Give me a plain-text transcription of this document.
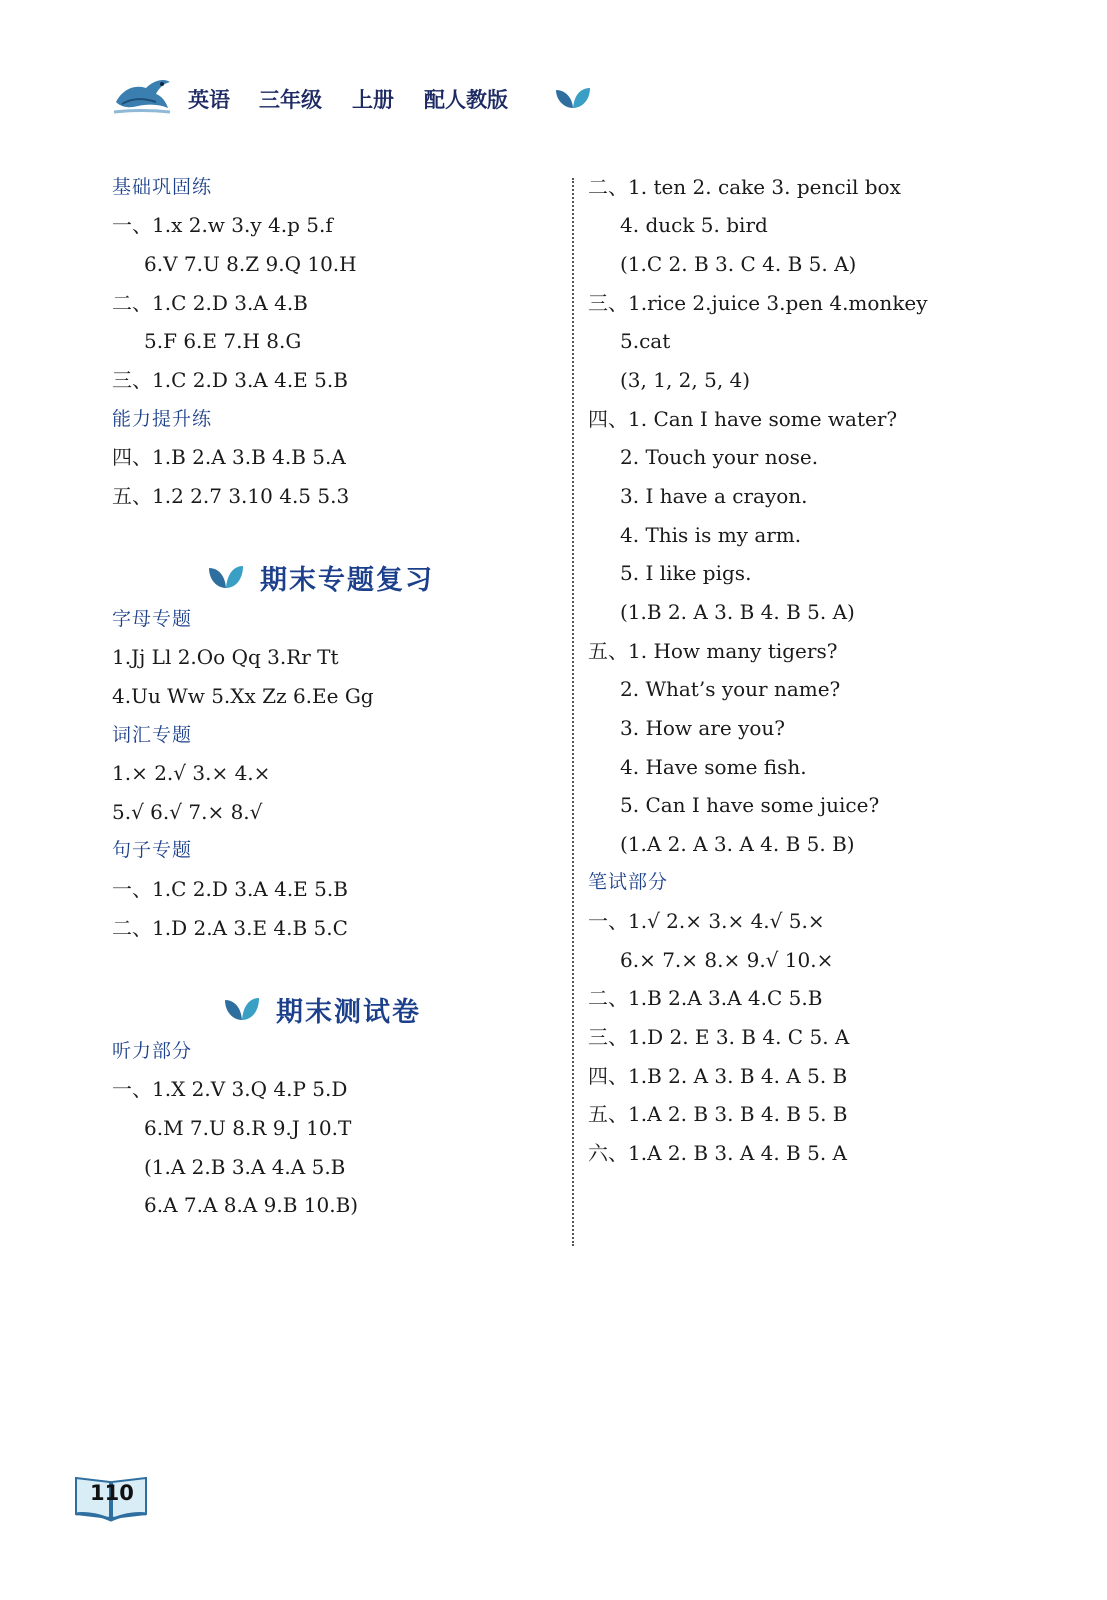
英语 三年级 上册 配人教版
基础巩固练
一、1.x 2.w 3.y 4.p 5.f
6.V 7.U 8.Z 9.Q 10.H
二、1.C 2.D 3.A 4.B
5.F 6.E 7.H 8.G
三、1.C 2.D 3.A 4.E 5.B
能力提升练
四、1.B 2.A 3.B 4.B 5.A
五、1.2 2.7 3.10 4.5 5.3
期末专题复习
字母专题
1.Jj Ll 2.Oo Qq 3.Rr Tt
4.Uu Ww 5.Xx Zz 6.Ee Gg
词汇专题
1.× 2.√ 3.× 4.×
5.√ 6.√ 7.× 8.√
句子专题
一、1.C 2.D 3.A 4.E 5.B
二、1.D 2.A 3.E 4.B 5.C
期末测试卷
听力部分
一、1.X 2.V 3.Q 4.P 5.D
6.M 7.U 8.R 9.J 10.T
(1.A 2.B 3.A 4.A 5.B
6.A 7.A 8.A 9.B 10.B)
二、1. ten 2. cake 3. pencil box
4. duck 5. bird
(1.C 2. B 3. C 4. B 5. A)
三、1.rice 2.juice 3.pen 4.monkey
5.cat
(3, 1, 2, 5, 4)
四、1. Can I have some water?
2. Touch your nose.
3. I have a crayon.
4. This is my arm.
5. I like pigs.
(1.B 2. A 3. B 4. B 5. A)
五、1. How many tigers?
2. What’s your name?
3. How are you?
4. Have some fish.
5. Can I have some juice?
(1.A 2. A 3. A 4. B 5. B)
笔试部分
一、1.√ 2.× 3.× 4.√ 5.×
6.× 7.× 8.× 9.√ 10.×
二、1.B 2.A 3.A 4.C 5.B
三、1.D 2. E 3. B 4. C 5. A
四、1.B 2. A 3. B 4. A 5. B
五、1.A 2. B 3. B 4. B 5. B
六、1.A 2. B 3. A 4. B 5. A
110
